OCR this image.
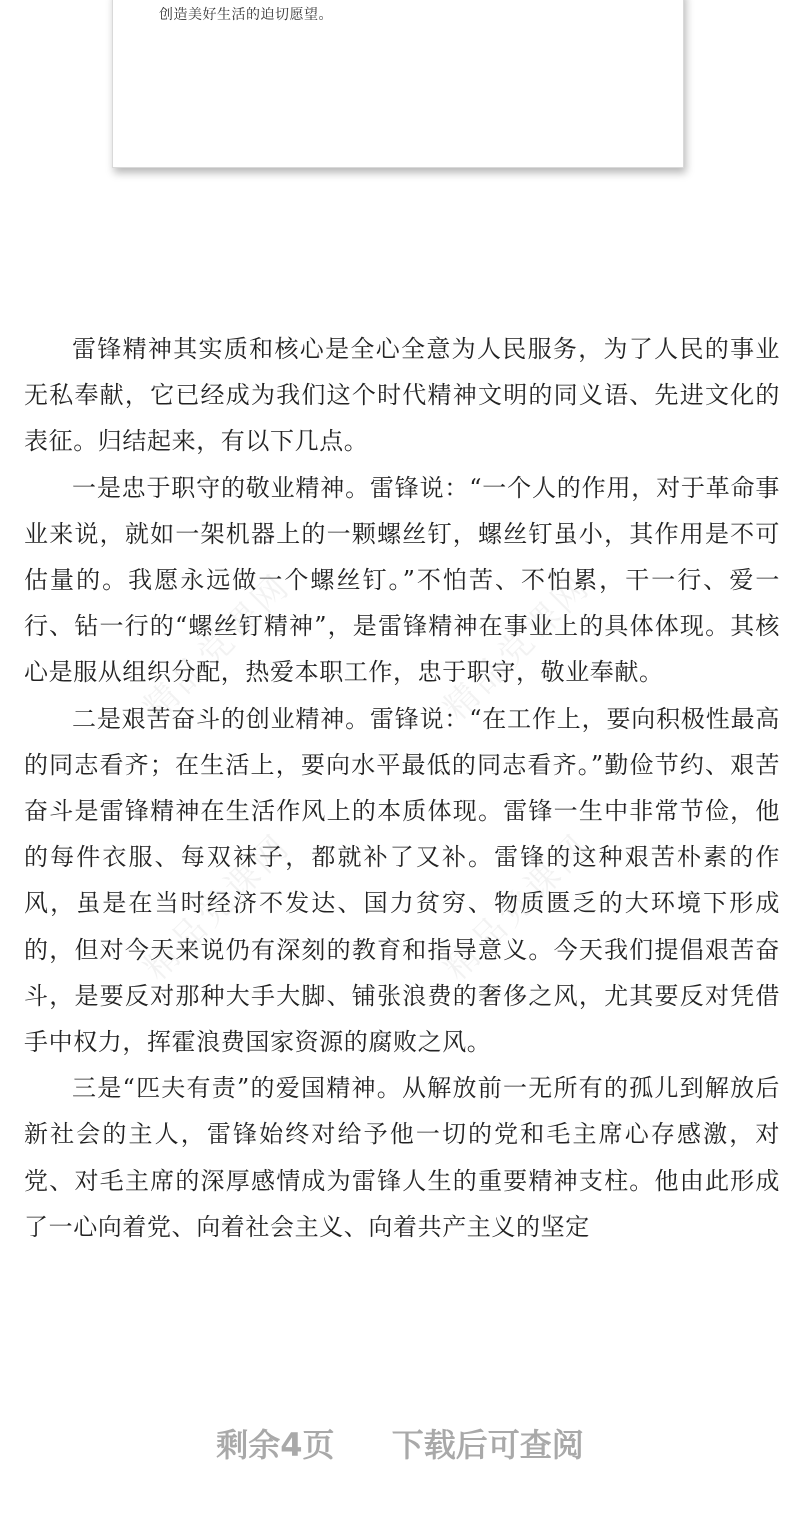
创造美好生活的迫切愿望。
精品党课网	精品党课网
精品党课网	精品党课网

雷锋精神其实质和核心是全心全意为人民服务，为了人民的事业无私奉献，它已经成为我们这个时代精神文明的同义语、先进文化的表征。归结起来，有以下几点。

一是忠于职守的敬业精神。雷锋说：“一个人的作用，对于革命事业来说，就如一架机器上的一颗螺丝钉，螺丝钉虽小，其作用是不可估量的。我愿永远做一个螺丝钉。”不怕苦、不怕累，干一行、爱一行、钻一行的“螺丝钉精神”，是雷锋精神在事业上的具体体现。其核心是服从组织分配，热爱本职工作，忠于职守，敬业奉献。

二是艰苦奋斗的创业精神。雷锋说：“在工作上，要向积极性最高的同志看齐；在生活上，要向水平最低的同志看齐。”勤俭节约、艰苦奋斗是雷锋精神在生活作风上的本质体现。雷锋一生中非常节俭，他的每件衣服、每双袜子，都就补了又补。雷锋的这种艰苦朴素的作风，虽是在当时经济不发达、国力贫穷、物质匮乏的大环境下形成的，但对今天来说仍有深刻的教育和指导意义。今天我们提倡艰苦奋斗，是要反对那种大手大脚、铺张浪费的奢侈之风，尤其要反对凭借手中权力，挥霍浪费国家资源的腐败之风。

三是“匹夫有责”的爱国精神。从解放前一无所有的孤儿到解放后新社会的主人，雷锋始终对给予他一切的党和毛主席心存感激，对党、对毛主席的深厚感情成为雷锋人生的重要精神支柱。他由此形成了一心向着党、向着社会主义、向着共产主义的坚定

剩余4页 下载后可查阅
